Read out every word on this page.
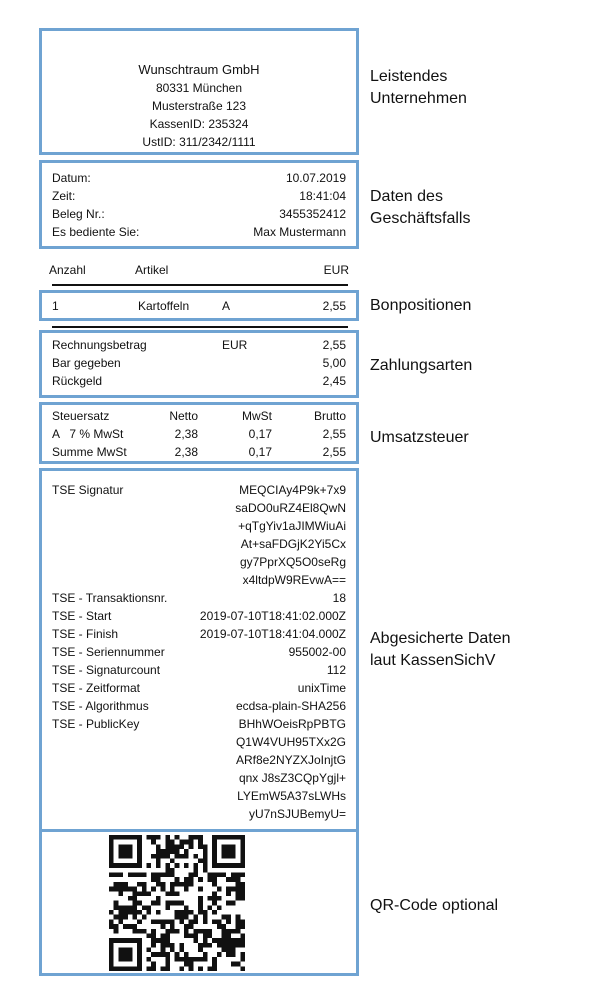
Wunschtraum GmbH
80331 München
Musterstraße 123
KassenID: 235324
UstID: 311/2342/1111
Datum:	10.07.2019
Zeit:	18:41:04
Beleg Nr.:	3455352412
Es bediente Sie:	Max Mustermann
Anzahl	Artikel	EUR
1	Kartoffeln	A	2,55
Rechnungsbetrag	EUR	2,55
Bar gegeben	5,00
Rückgeld	2,45
Steuersatz	Netto	MwSt	Brutto
A   7 % MwSt	2,38	0,17	2,55
Summe MwSt	2,38	0,17	2,55
TSE Signatur	MEQCIAy4P9k+7x9
saDO0uRZ4El8QwN
+qTgYiv1aJIMWiuAi
At+saFDGjK2Yi5Cx
gy7PprXQ5O0seRg
x4ltdpW9REvwA==
TSE - Transaktionsnr.	18
TSE - Start	2019-07-10T18:41:02.000Z
TSE - Finish	2019-07-10T18:41:04.000Z
TSE - Seriennummer	955002-00
TSE - Signaturcount	112
TSE - Zeitformat	unixTime
TSE - Algorithmus	ecdsa-plain-SHA256
TSE - PublicKey	BHhWOeisRpPBTG
Q1W4VUH95TXx2G
ARf8e2NYZXJoInjtG
qnx J8sZ3CQpYgjl+
LYEmW5A37sLWHs
yU7nSJUBemyU=
Leistendes
Unternehmen
Daten des
Geschäftsfalls
Bonpositionen
Zahlungsarten
Umsatzsteuer
Abgesicherte Daten
laut KassenSichV
QR-Code optional
